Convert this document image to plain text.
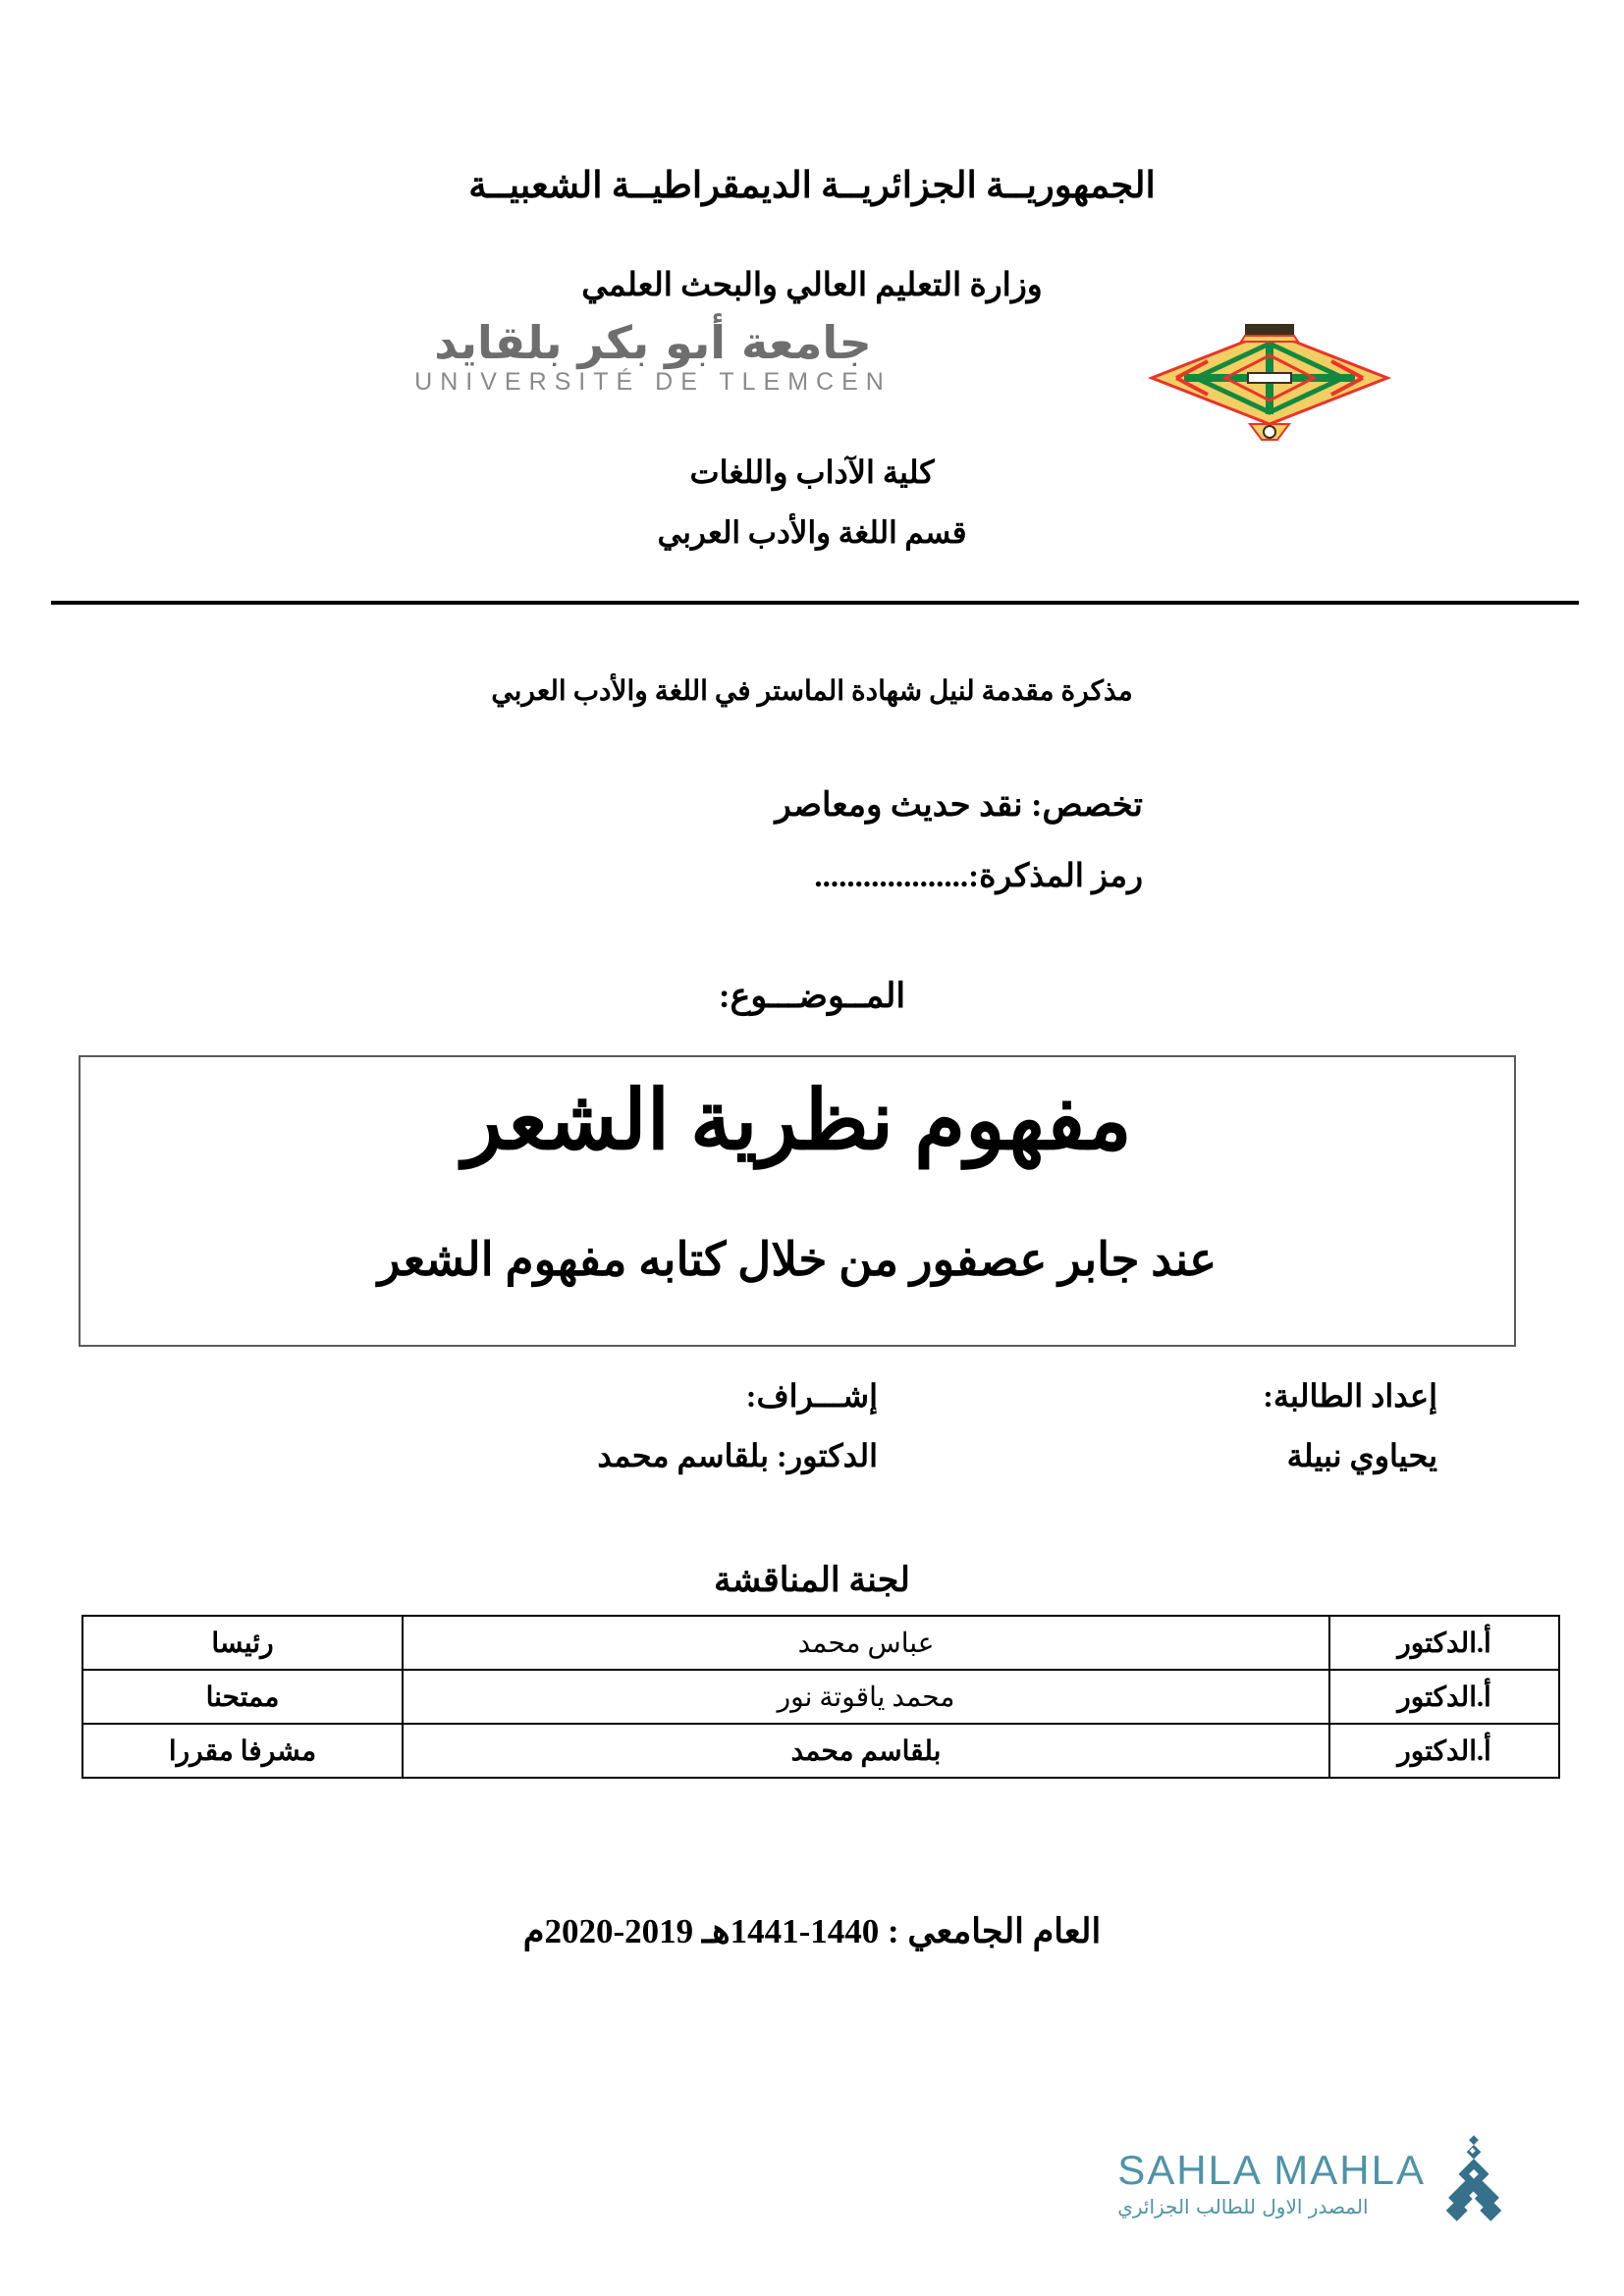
الجمهوريــة الجزائريــة الديمقراطيــة الشعبيــة
وزارة التعليم العالي والبحث العلمي
جامعة أبو بكر بلقايد
UNIVERSITÉ DE TLEMCEN
كلية الآداب واللغات
قسم اللغة والأدب العربي
مذكرة مقدمة لنيل شهادة الماستر في اللغة والأدب العربي
تخصص: نقد حديث ومعاصر
رمز المذكرة:...................
المــوضـــوع:
مفهوم نظرية الشعر
عند جابر عصفور من خلال كتابه مفهوم الشعر
إعداد الطالبة:
يحياوي نبيلة
إشـــراف:
الدكتور: بلقاسم محمد
لجنة المناقشة
أ.الدكتور	عباس محمد	رئيسا
أ.الدكتور	محمد ياقوتة نور	ممتحنا
أ.الدكتور	بلقاسم محمد	مشرفا مقررا
العام الجامعي : 1440-1441هـ 2019-2020م
SAHLA MAHLA
المصدر الاول للطالب الجزائري
